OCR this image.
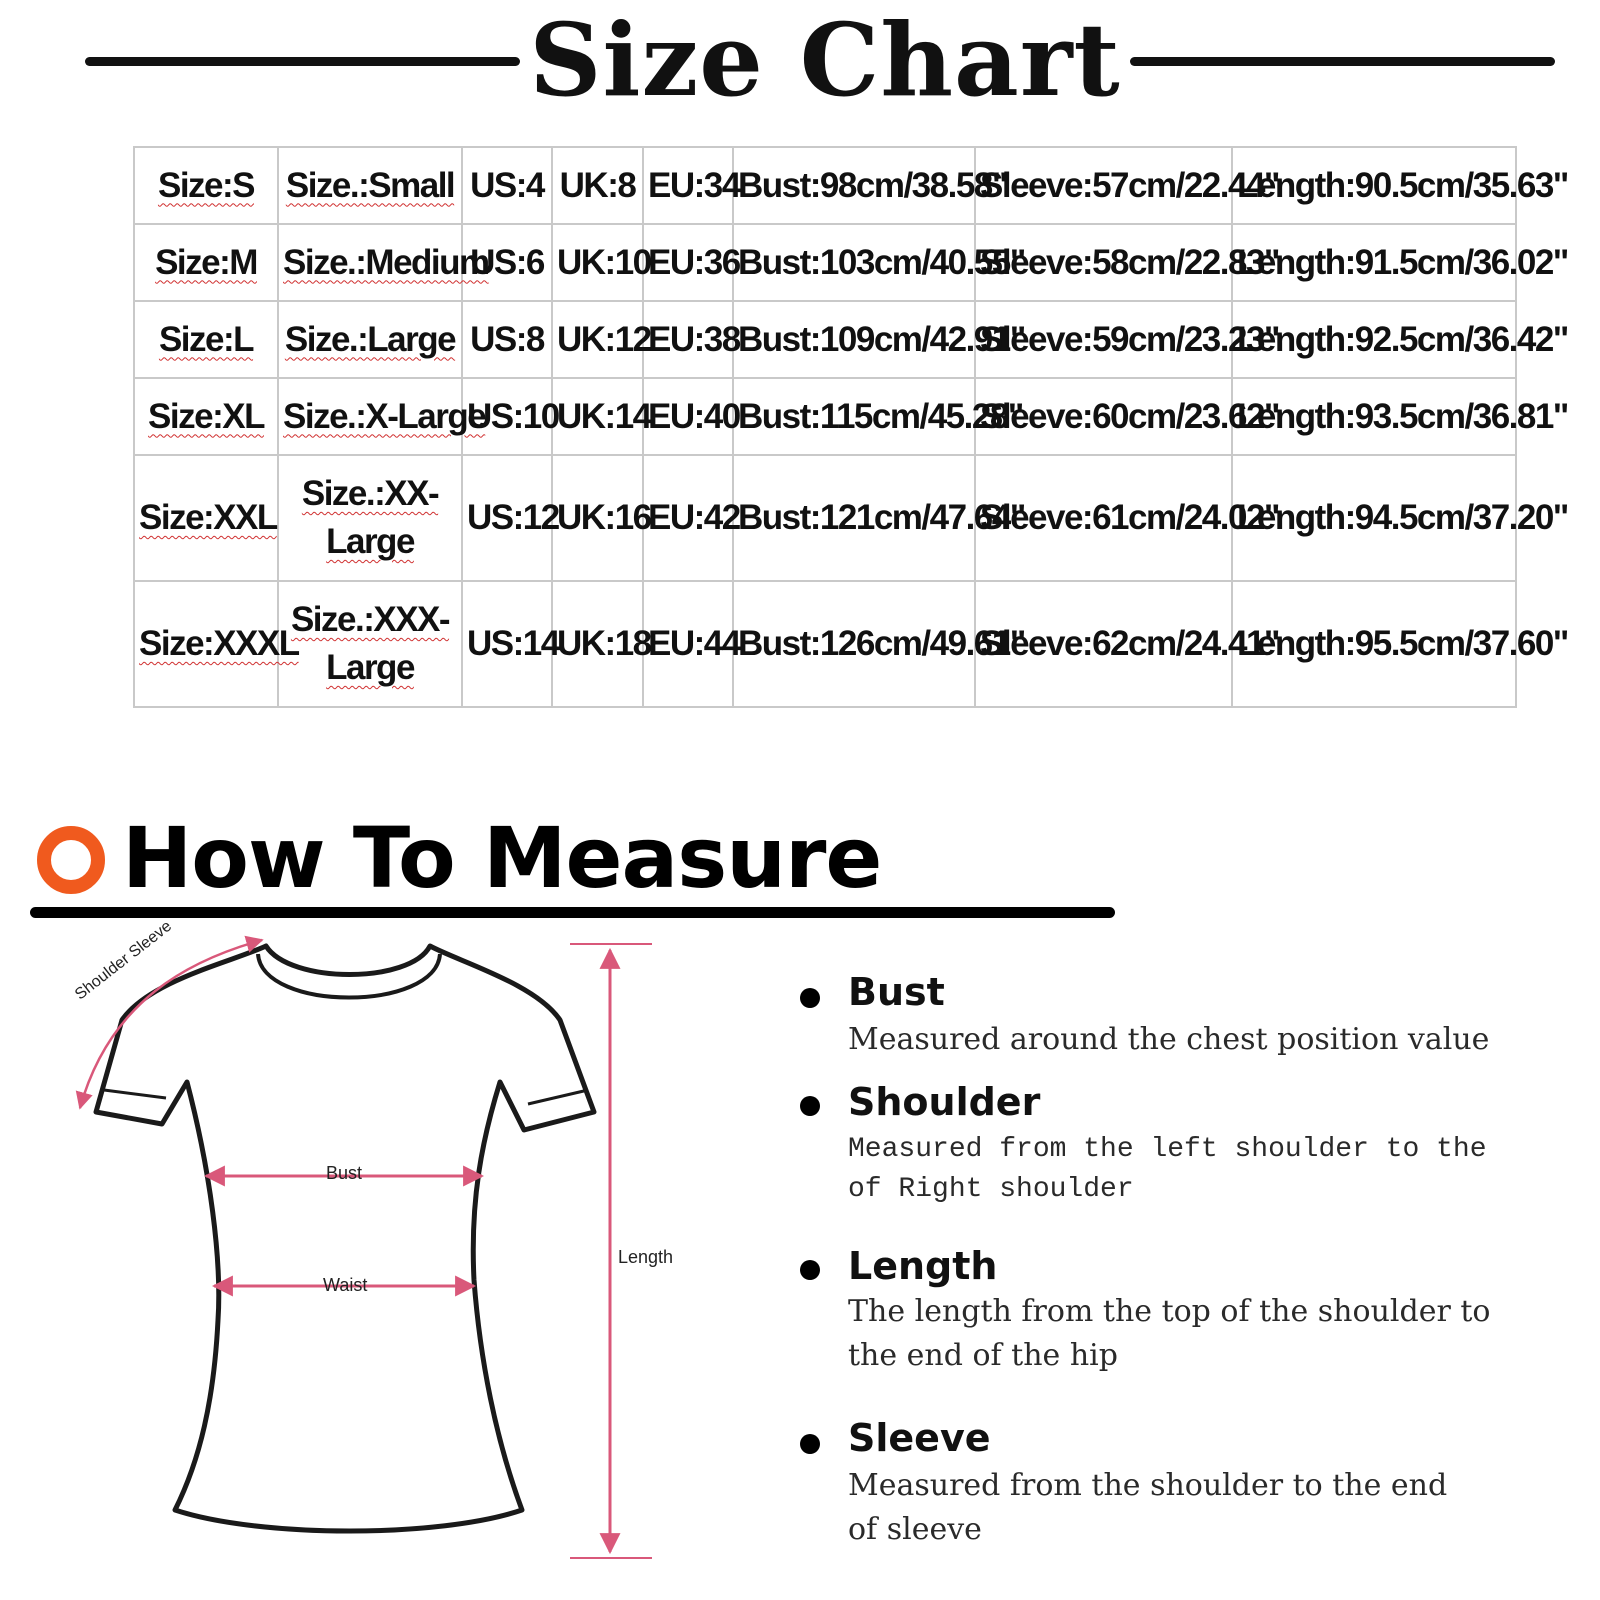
Size Chart
Size:S	Size.:Small	US:4	UK:8	EU:34	Bust:98cm/38.58"	Sleeve:57cm/22.44"	Length:90.5cm/35.63"
Size:M	Size.:Medium	US:6	UK:10	EU:36	Bust:103cm/40.55"	Sleeve:58cm/22.83"	Length:91.5cm/36.02"
Size:L	Size.:Large	US:8	UK:12	EU:38	Bust:109cm/42.91"	Sleeve:59cm/23.23"	Length:92.5cm/36.42"
Size:XL	Size.:X-Large	US:10	UK:14	EU:40	Bust:115cm/45.28"	Sleeve:60cm/23.62"	Length:93.5cm/36.81"
Size:XXL	Size.:XX-Large	US:12	UK:16	EU:42	Bust:121cm/47.64"	Sleeve:61cm/24.02"	Length:94.5cm/37.20"
Size:XXXL	Size.:XXX-Large	US:14	UK:18	EU:44	Bust:126cm/49.61"	Sleeve:62cm/24.41"	Length:95.5cm/37.60"
How To Measure
Shoulder Sleeve
Bust
Waist
Length
Bust
Measured around the chest position value
Shoulder
Measured from the left shoulder to the
of Right shoulder
Length
The length from the top of the shoulder to
the end of the hip
Sleeve
Measured from the shoulder to the end
of sleeve
